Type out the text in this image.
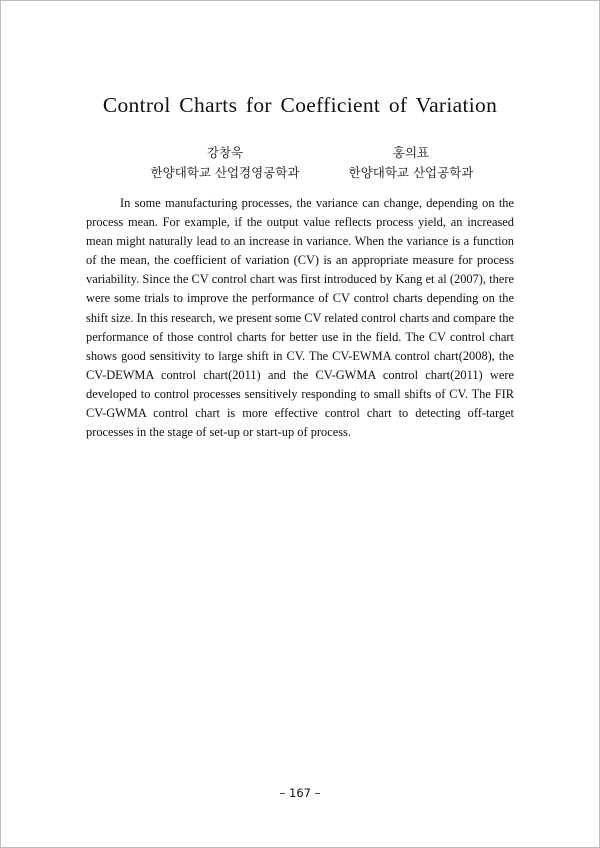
Control Charts for Coefficient of Variation
강창욱
한양대학교 산업경영공학과
홍의표
한양대학교 산업공학과

In some manufacturing processes, the variance can change, depending on the process mean. For example, if the output value reflects process yield, an increased mean might naturally lead to an increase in variance. When the variance is a function of the mean, the coefficient of variation (CV) is an appropriate measure for process variability. Since the CV control chart was first introduced by Kang et al (2007), there were some trials to improve the performance of CV control charts depending on the shift size. In this research, we present some CV related control charts and compare the performance of those control charts for better use in the field. The CV control chart shows good sensitivity to large shift in CV. The CV-EWMA control chart(2008), the CV-DEWMA control chart(2011) and the CV-GWMA control chart(2011) were developed to control processes sensitively responding to small shifts of CV. The FIR CV-GWMA control chart is more effective control chart to detecting off-target processes in the stage of set-up or start-up of process.

– 167 –
